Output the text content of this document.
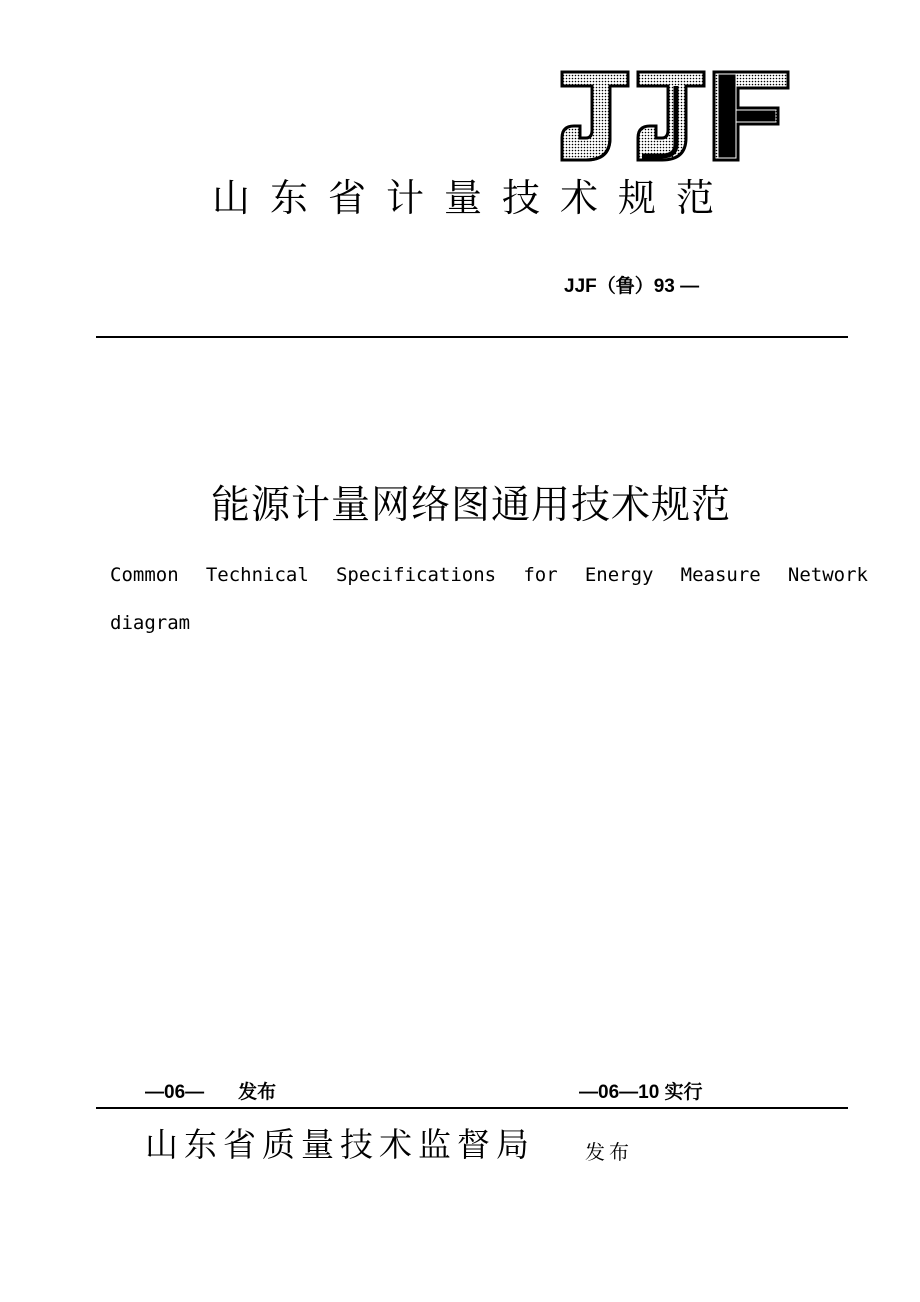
山东省计量技术规范
JJF（鲁）93 —
能源计量网络图通用技术规范
Common Technical Specifications for Energy Measure Network
diagram
—06— 发布	—06—10 实行
山东省质量技术监督局	发布
